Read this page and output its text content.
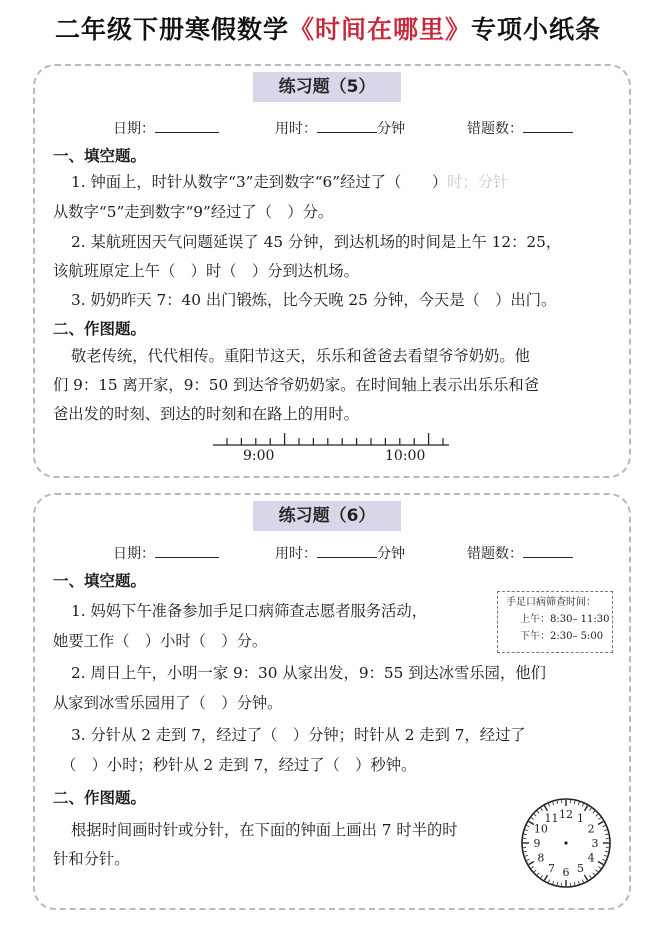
二年级下册寒假数学《时间在哪里》专项小纸条
练习题（5）
日期：	用时：	分钟	错题数：
一、填空题。
1. 钟面上，时针从数字“3”走到数字“6”经过了（　　）时；分针
从数字“5”走到数字“9”经过了（　）分。
2. 某航班因天气问题延误了 45 分钟，到达机场的时间是上午 12：25，
该航班原定上午（　）时（　）分到达机场。
3. 奶奶昨天 7：40 出门锻炼，比今天晚 25 分钟，今天是（　）出门。
二、作图题。
敬老传统，代代相传。重阳节这天，乐乐和爸爸去看望爷爷奶奶。他
们 9：15 离开家，9：50 到达爷爷奶奶家。在时间轴上表示出乐乐和爸
爸出发的时刻、到达的时刻和在路上的用时。
9:00	10:00
练习题（6）
日期：	用时：	分钟	错题数：
一、填空题。
1. 妈妈下午准备参加手足口病筛查志愿者服务活动，
她要工作（　）小时（　）分。
手足口病筛查时间：
上午：8:30– 11:30
下午：2:30– 5:00
2. 周日上午，小明一家 9：30 从家出发，9：55 到达冰雪乐园，他们
从家到冰雪乐园用了（　）分钟。
3. 分针从 2 走到 7，经过了（　）分钟；时针从 2 走到 7，经过了
（　）小时；秒针从 2 走到 7，经过了（　）秒钟。
二、作图题。
根据时间画时针或分针，在下面的钟面上画出 7 时半的时
针和分针。
12 1
2
3
4
5
6
7
8
9
10
11
